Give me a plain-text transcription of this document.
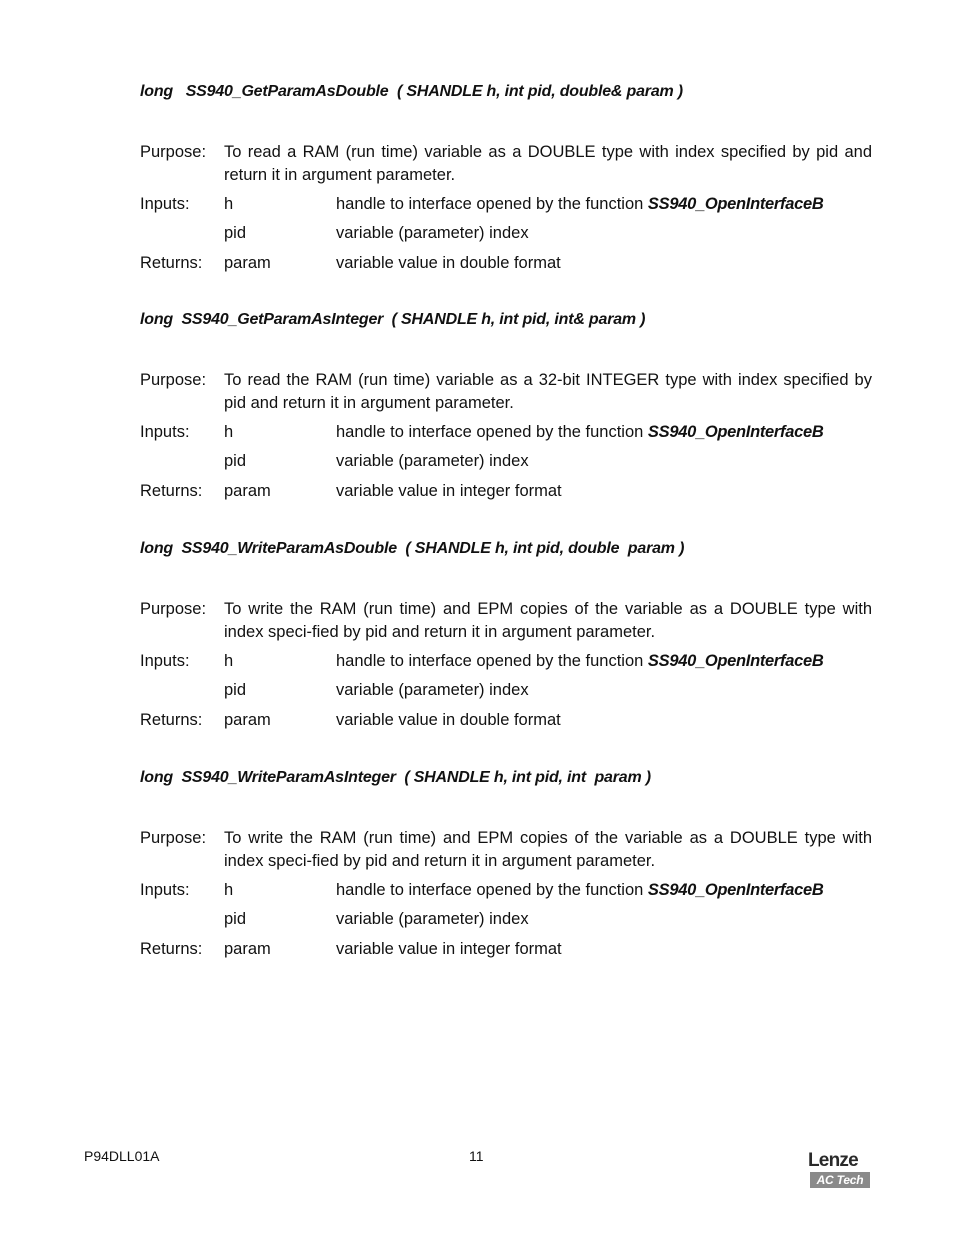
long   SS940_GetParamAsDouble  ( SHANDLE h, int pid, double& param )
Purpose: To read a RAM (run time) variable as a DOUBLE type with index specified by pid and return it in argument parameter.
Inputs: h	handle to interface opened by the function SS940_OpenInterfaceB
pid	variable (parameter) index
Returns: param	variable value in double format
long  SS940_GetParamAsInteger  ( SHANDLE h, int pid, int& param )
Purpose: To read the RAM (run time) variable as a 32-bit INTEGER type with index specified by pid and return it in argument parameter.
Inputs: h	handle to interface opened by the function SS940_OpenInterfaceB
pid	variable (parameter) index
Returns: param	variable value in integer format
long  SS940_WriteParamAsDouble  ( SHANDLE h, int pid, double  param )
Purpose: To write the RAM (run time) and EPM copies of the variable as a DOUBLE type with index speci-fied by pid and return it in argument parameter.
Inputs: h	handle to interface opened by the function SS940_OpenInterfaceB
pid	variable (parameter) index
Returns: param	variable value in double format
long  SS940_WriteParamAsInteger  ( SHANDLE h, int pid, int  param )
Purpose: To write the RAM (run time) and EPM copies of the variable as a DOUBLE type with index speci-fied by pid and return it in argument parameter.
Inputs: h	handle to interface opened by the function SS940_OpenInterfaceB
pid	variable (parameter) index
Returns: param	variable value in integer format
P94DLL01A	11	Lenze
AC Tech
